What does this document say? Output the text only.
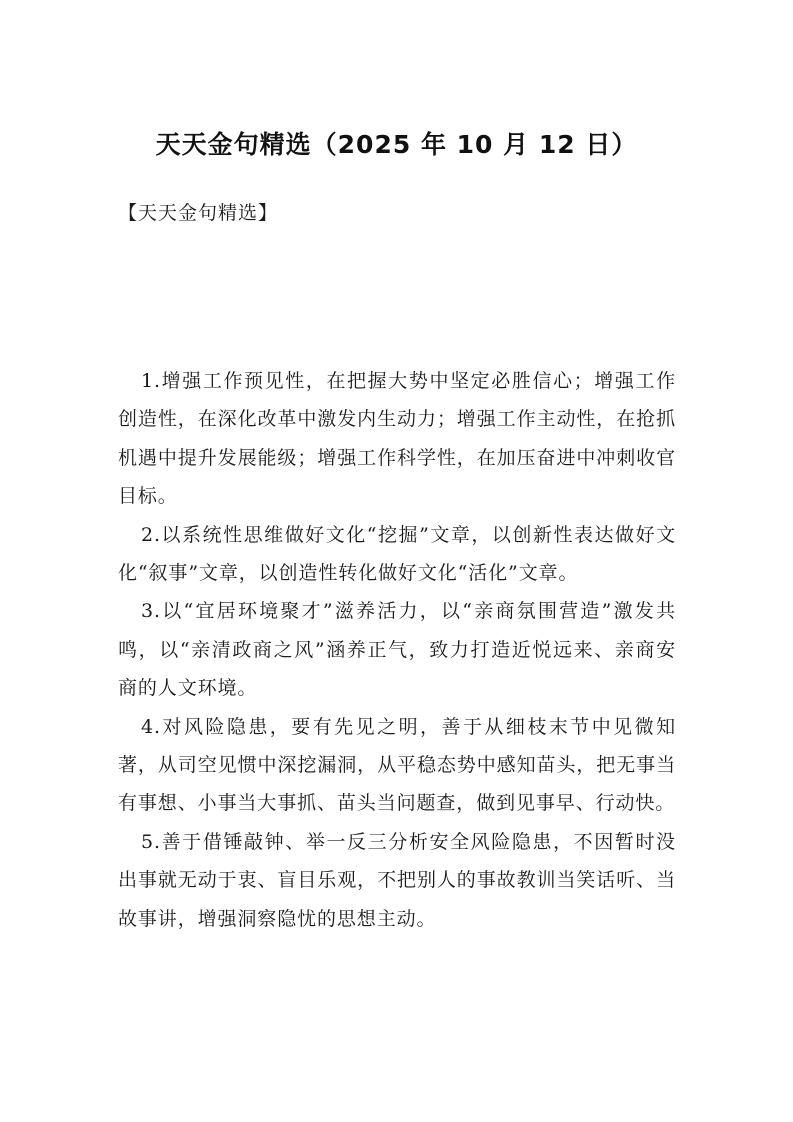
天天金句精选（2025 年 10 月 12 日）

【天天金句精选】

1.增强工作预见性，在把握大势中坚定必胜信心；增强工作创造性，在深化改革中激发内生动力；增强工作主动性，在抢抓机遇中提升发展能级；增强工作科学性，在加压奋进中冲刺收官目标。

2.以系统性思维做好文化“挖掘”文章，以创新性表达做好文化“叙事”文章，以创造性转化做好文化“活化”文章。

3.以“宜居环境聚才”滋养活力，以“亲商氛围营造”激发共鸣，以“亲清政商之风”涵养正气，致力打造近悦远来、亲商安商的人文环境。

4.对风险隐患，要有先见之明，善于从细枝末节中见微知著，从司空见惯中深挖漏洞，从平稳态势中感知苗头，把无事当有事想、小事当大事抓、苗头当问题查，做到见事早、行动快。

5.善于借锤敲钟、举一反三分析安全风险隐患，不因暂时没出事就无动于衷、盲目乐观，不把别人的事故教训当笑话听、当故事讲，增强洞察隐忧的思想主动。
